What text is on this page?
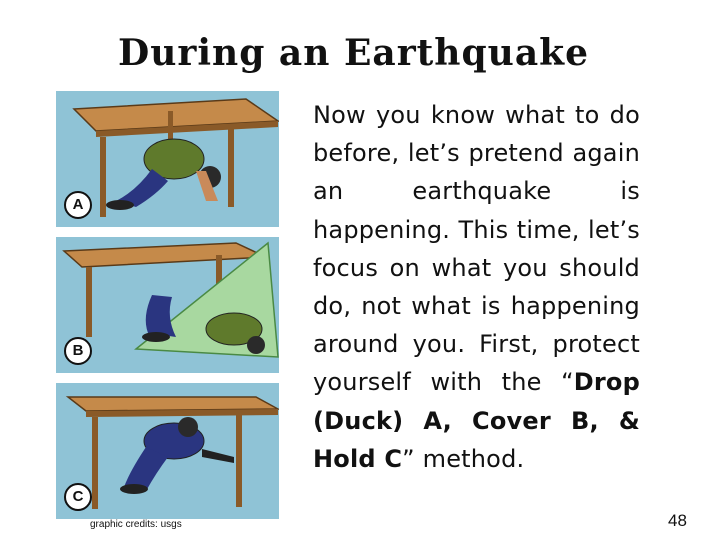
During an Earthquake
A
B
C
graphic credits: usgs
Now you know what to do before, let’s pretend again an earthquake is happening. This time, let’s focus on what you should do, not what is happening around you. First, protect yourself with the “Drop (Duck) A, Cover B, & Hold C” method.
48
